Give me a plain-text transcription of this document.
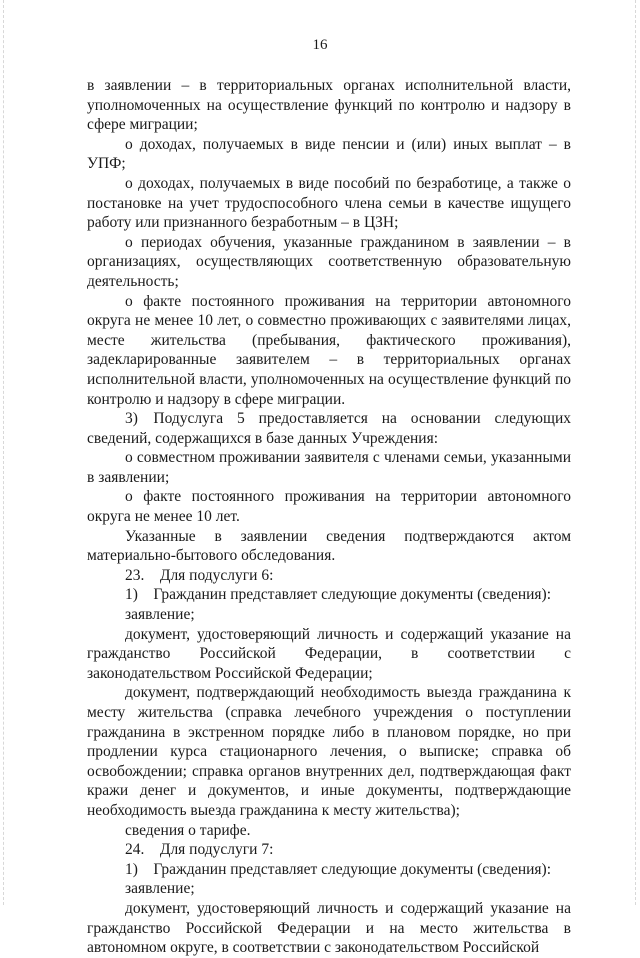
16

в заявлении – в территориальных органах исполнительной власти, уполномоченных на осуществление функций по контролю и надзору в сфере миграции;

о доходах, получаемых в виде пенсии и (или) иных выплат – в УПФ;

о доходах, получаемых в виде пособий по безработице, а также о постановке на учет трудоспособного члена семьи в качестве ищущего работу или признанного безработным – в ЦЗН;

о периодах обучения, указанные гражданином в заявлении – в организациях, осуществляющих соответственную образовательную деятельность;

о факте постоянного проживания на территории автономного округа не менее 10 лет, о совместно проживающих с заявителями лицах, месте жительства (пребывания, фактического проживания), задекларированные заявителем – в территориальных органах исполнительной власти, уполномоченных на осуществление функций по контролю и надзору в сфере миграции.

3) Подуслуга 5 предоставляется на основании следующих сведений, содержащихся в базе данных Учреждения:

о совместном проживании заявителя с членами семьи, указанными в заявлении;

о факте постоянного проживания на территории автономного округа не менее 10 лет.

Указанные в заявлении сведения подтверждаются актом материально-бытового обследования.

23. Для подуслуги 6:

1) Гражданин представляет следующие документы (сведения):

заявление;

документ, удостоверяющий личность и содержащий указание на гражданство Российской Федерации, в соответствии с законодательством Российской Федерации;

документ, подтверждающий необходимость выезда гражданина к месту жительства (справка лечебного учреждения о поступлении гражданина в экстренном порядке либо в плановом порядке, но при продлении курса стационарного лечения, о выписке; справка об освобождении; справка органов внутренних дел, подтверждающая факт кражи денег и документов, и иные документы, подтверждающие необходимость выезда гражданина к месту жительства);

сведения о тарифе.

24. Для подуслуги 7:

1) Гражданин представляет следующие документы (сведения):

заявление;

документ, удостоверяющий личность и содержащий указание на гражданство Российской Федерации и на место жительства в автономном округе, в соответствии с законодательством Российской
